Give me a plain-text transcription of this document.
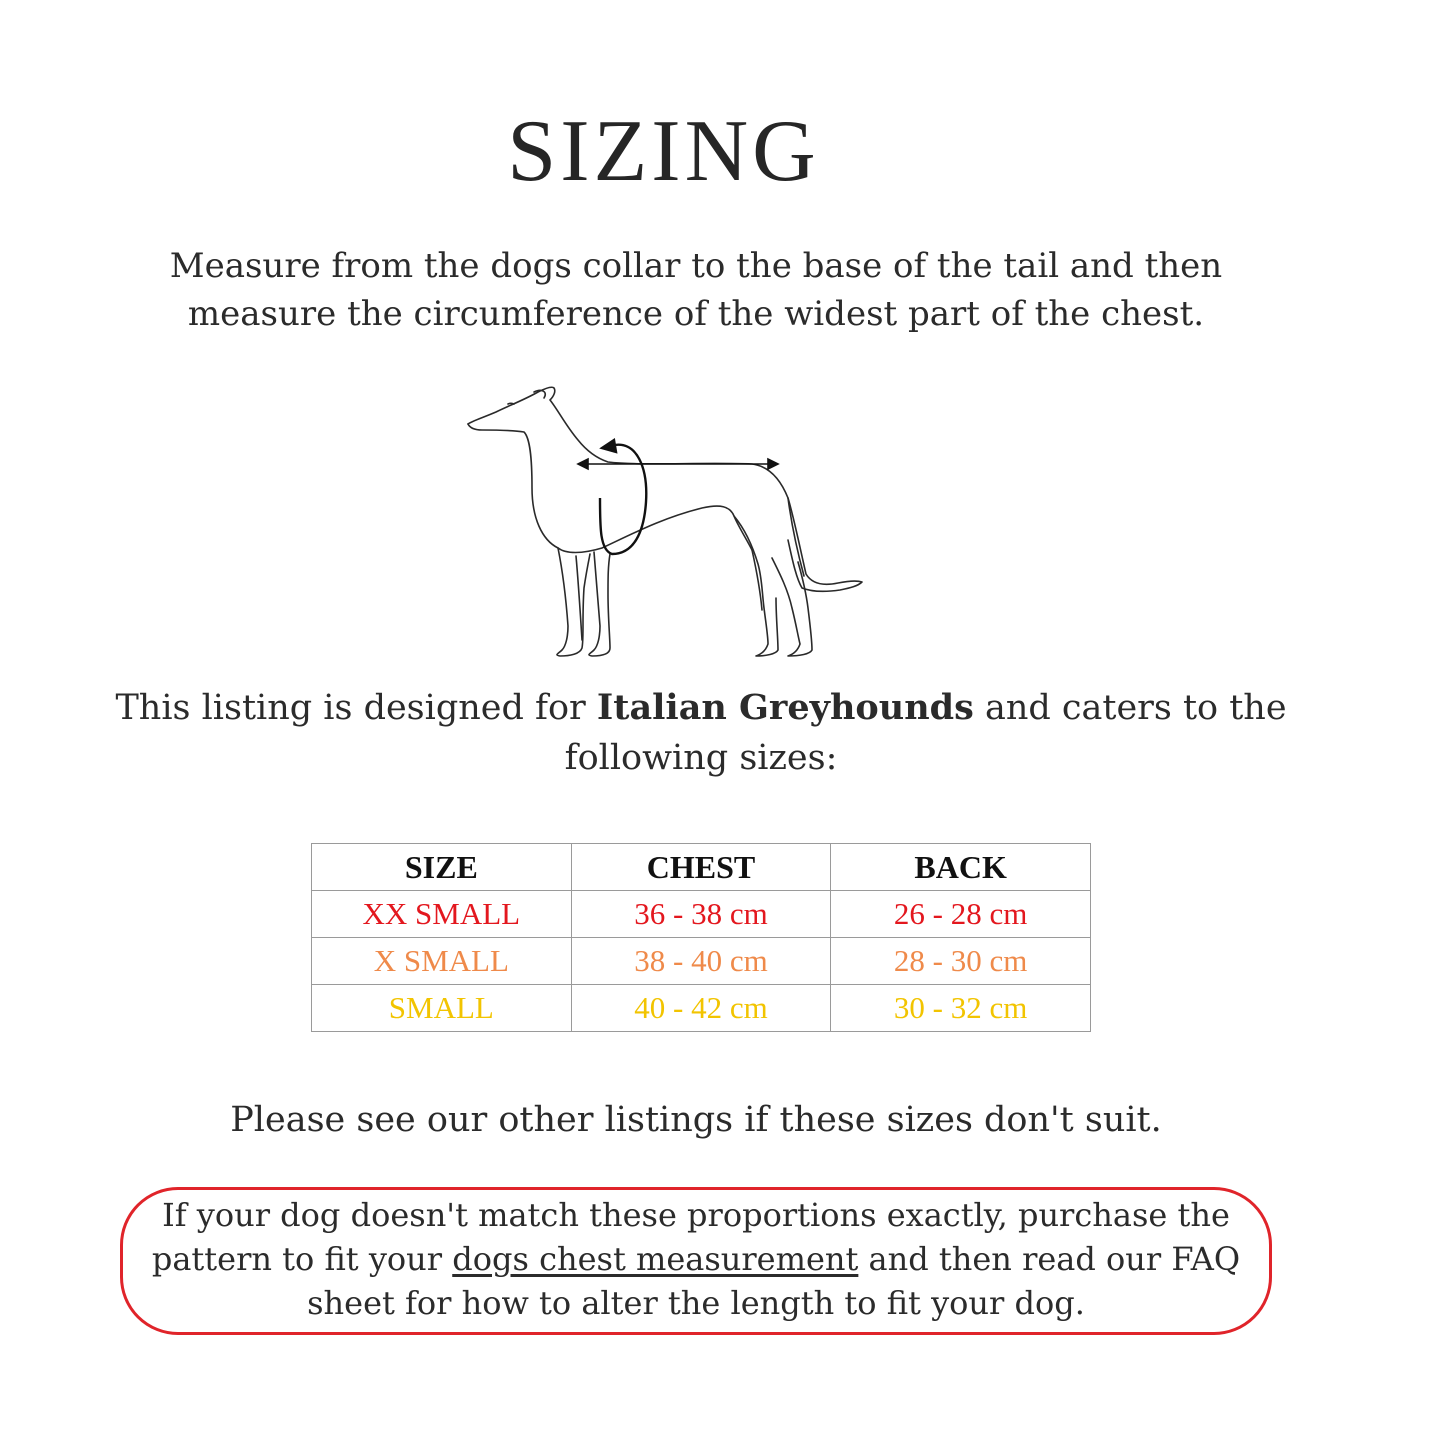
SIZING
Measure from the dogs collar to the base of the tail and then
measure the circumference of the widest part of the chest.
This listing is designed for Italian Greyhounds and caters to the
following sizes:
SIZE	CHEST	BACK
XX SMALL	36 - 38 cm	26 - 28 cm
X SMALL	38 - 40 cm	28 - 30 cm
SMALL	40 - 42 cm	30 - 32 cm
Please see our other listings if these sizes don't suit.
If your dog doesn't match these proportions exactly, purchase the
pattern to fit your dogs chest measurement and then read our FAQ
sheet for how to alter the length to fit your dog.
